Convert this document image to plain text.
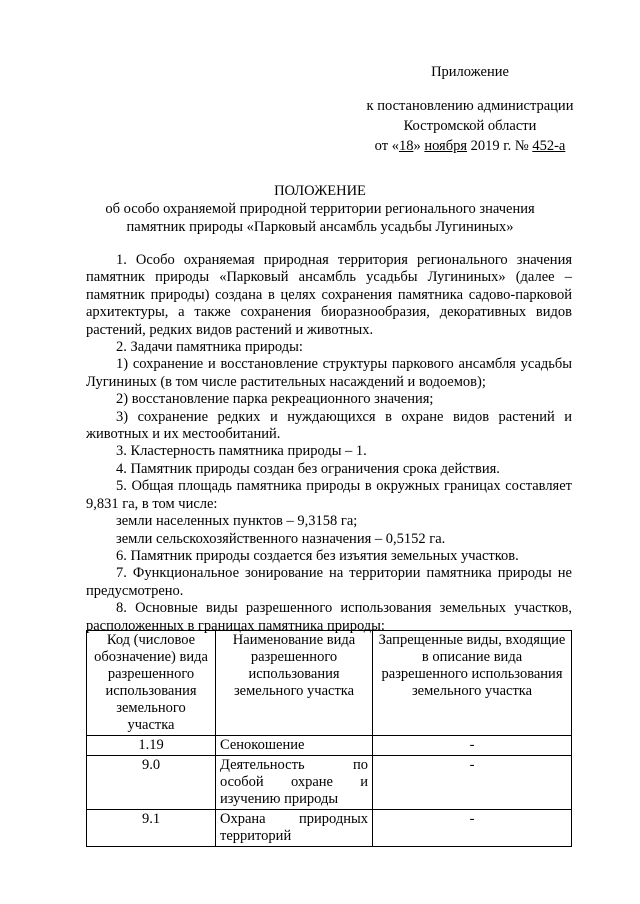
Приложение
к постановлению администрации
Костромской области
от «18» ноября 2019 г. № 452-а
ПОЛОЖЕНИЕ
об особо охраняемой природной территории регионального значения
памятник природы «Парковый ансамбль усадьбы Лугининых»

1. Особо охраняемая природная территория регионального значения памятник природы «Парковый ансамбль усадьбы Лугининых» (далее – памятник природы) создана в целях сохранения памятника садово-парковой архитектуры, а также сохранения биоразнообразия, декоративных видов растений, редких видов растений и животных.

2. Задачи памятника природы:

1) сохранение и восстановление структуры паркового ансамбля усадьбы Лугининых (в том числе растительных насаждений и водоемов);

2) восстановление парка рекреационного значения;

3) сохранение редких и нуждающихся в охране видов растений и животных и их местообитаний.

3. Кластерность памятника природы – 1.

4. Памятник природы создан без ограничения срока действия.

5. Общая площадь памятника природы в окружных границах составляет 9,831 га, в том числе:

земли населенных пунктов – 9,3158 га;

земли сельскохозяйственного назначения – 0,5152 га.

6. Памятник природы создается без изъятия земельных участков.

7. Функциональное зонирование на территории памятника природы не предусмотрено.

8. Основные виды разрешенного использования земельных участков, расположенных в границах памятника природы:

Код (числовое обозначение) вида разрешенного использования земельного участка	Наименование вида разрешенного использования земельного участка	Запрещенные виды, входящие в описание вида разрешенного использования земельного участка
1.19	Сенокошение	-
9.0	Деятельность по особой охране и изучению природы	-
9.1	Охрана природных территорий	-
